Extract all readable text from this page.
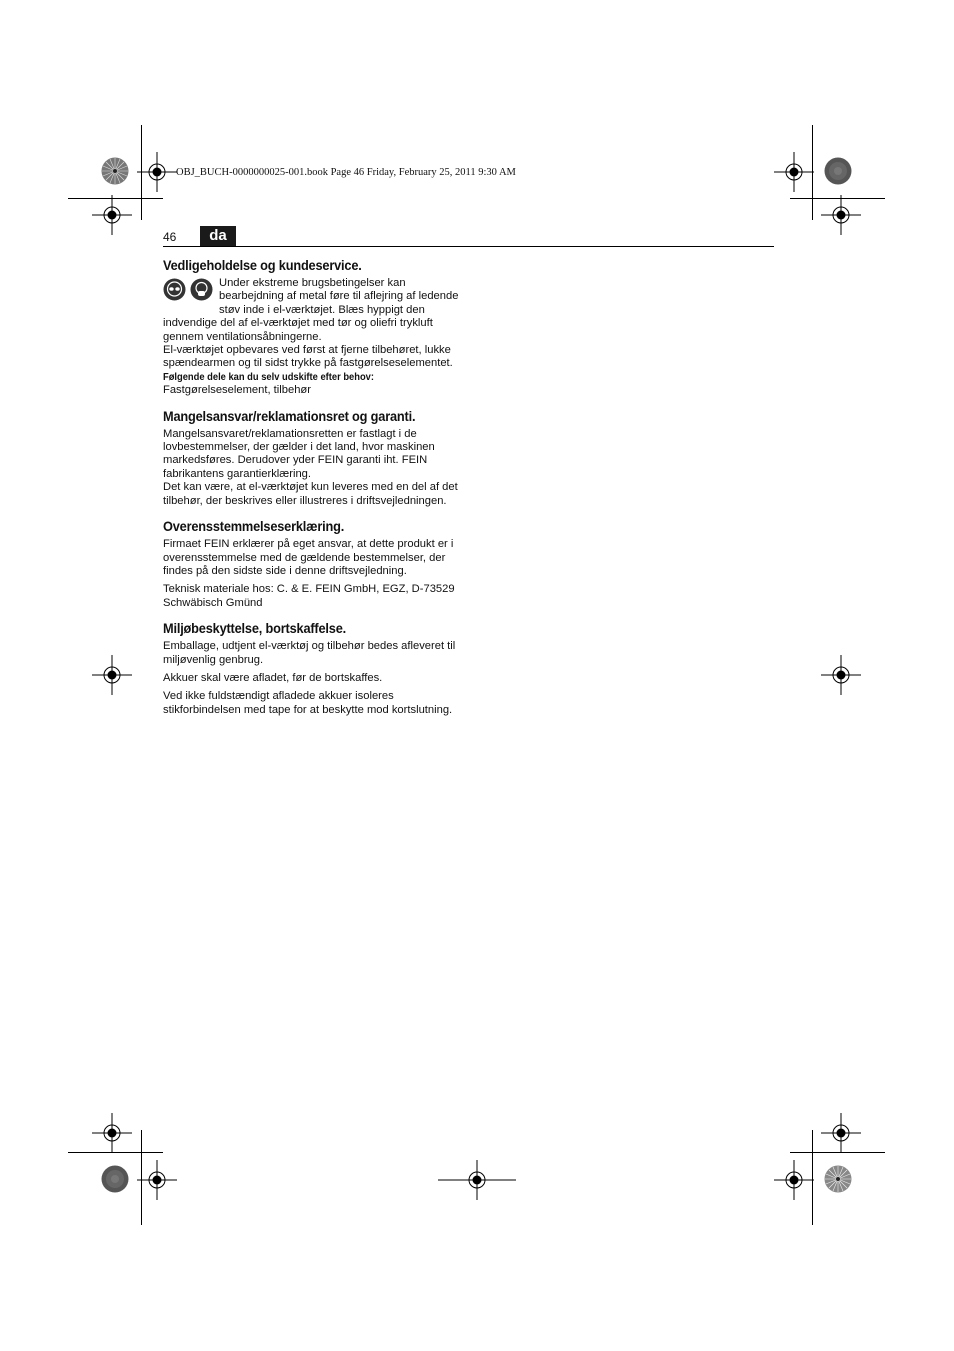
OBJ_BUCH-0000000025-001.book Page 46 Friday, February 25, 2011 9:30 AM
46	da
Vedligeholdelse og kundeservice.

Under ekstreme brugsbetingelser kan bearbejdning af metal føre til aflejring af ledende støv inde i el-værktøjet. Blæs hyppigt den indvendige del af el-værktøjet med tør og oliefri trykluft gennem ventilationsåbningerne.

El-værktøjet opbevares ved først at fjerne tilbehøret, lukke spændearmen og til sidst trykke på fastgørelseselementet.

Følgende dele kan du selv udskifte efter behov:

Fastgørelseselement, tilbehør

Mangelsansvar/reklamationsret og garanti.

Mangelsansvaret/reklamationsretten er fastlagt i de lovbestemmelser, der gælder i det land, hvor maskinen markedsføres. Derudover yder FEIN garanti iht. FEIN fabrikantens garantierklæring.

Det kan være, at el-værktøjet kun leveres med en del af det tilbehør, der beskrives eller illustreres i driftsvejledningen.

Overensstemmelseserklæring.

Firmaet FEIN erklærer på eget ansvar, at dette produkt er i overensstemmelse med de gældende bestemmelser, der findes på den sidste side i denne driftsvejledning.

Teknisk materiale hos: C. & E. FEIN GmbH, EGZ, D-73529 Schwäbisch Gmünd

Miljøbeskyttelse, bortskaffelse.

Emballage, udtjent el-værktøj og tilbehør bedes afleveret til miljøvenlig genbrug.

Akkuer skal være afladet, før de bortskaffes.

Ved ikke fuldstændigt afladede akkuer isoleres stikforbindelsen med tape for at beskytte mod kortslutning.
